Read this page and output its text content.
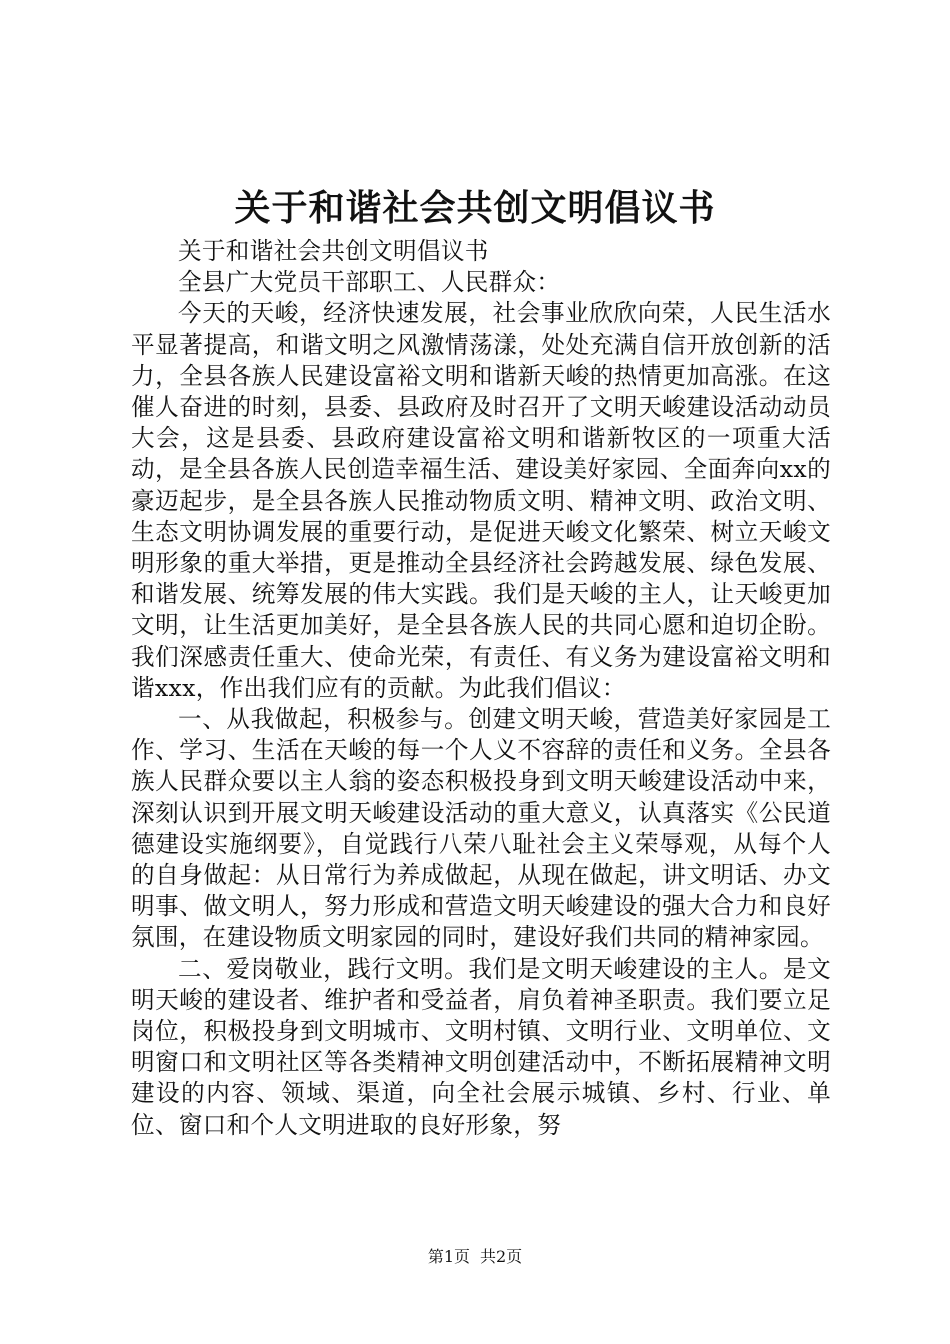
关于和谐社会共创文明倡议书

关于和谐社会共创文明倡议书

全县广大党员干部职工、人民群众：

今天的天峻，经济快速发展，社会事业欣欣向荣，人民生活水平显著提高，和谐文明之风激情荡漾，处处充满自信开放创新的活力，全县各族人民建设富裕文明和谐新天峻的热情更加高涨。在这催人奋进的时刻，县委、县政府及时召开了文明天峻建设活动动员大会，这是县委、县政府建设富裕文明和谐新牧区的一项重大活动，是全县各族人民创造幸福生活、建设美好家园、全面奔向xx的豪迈起步，是全县各族人民推动物质文明、精神文明、政治文明、生态文明协调发展的重要行动，是促进天峻文化繁荣、树立天峻文明形象的重大举措，更是推动全县经济社会跨越发展、绿色发展、和谐发展、统筹发展的伟大实践。我们是天峻的主人，让天峻更加文明，让生活更加美好，是全县各族人民的共同心愿和迫切企盼。我们深感责任重大、使命光荣，有责任、有义务为建设富裕文明和谐xxx，作出我们应有的贡献。为此我们倡议：

一、从我做起，积极参与。创建文明天峻，营造美好家园是工作、学习、生活在天峻的每一个人义不容辞的责任和义务。全县各族人民群众要以主人翁的姿态积极投身到文明天峻建设活动中来，深刻认识到开展文明天峻建设活动的重大意义，认真落实《公民道德建设实施纲要》，自觉践行八荣八耻社会主义荣辱观，从每个人的自身做起：从日常行为养成做起，从现在做起，讲文明话、办文明事、做文明人，努力形成和营造文明天峻建设的强大合力和良好氛围，在建设物质文明家园的同时，建设好我们共同的精神家园。

二、爱岗敬业，践行文明。我们是文明天峻建设的主人。是文明天峻的建设者、维护者和受益者，肩负着神圣职责。我们要立足岗位，积极投身到文明城市、文明村镇、文明行业、文明单位、文明窗口和文明社区等各类精神文明创建活动中，不断拓展精神文明建设的内容、领域、渠道，向全社会展示城镇、乡村、行业、单位、窗口和个人文明进取的良好形象，努

第1页 共2页
